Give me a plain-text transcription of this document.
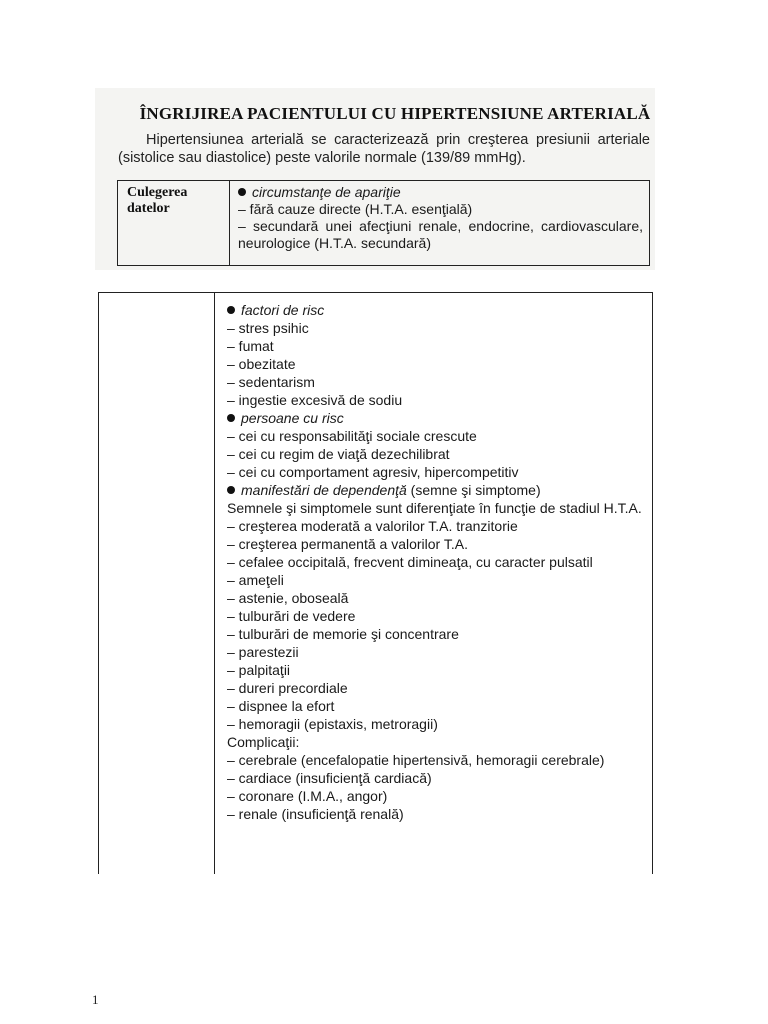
ÎNGRIJIREA PACIENTULUI CU HIPERTENSIUNE ARTERIALĂ
Hipertensiunea arterială se caracterizează prin creşterea presiunii arteriale (sistolice sau diastolice) peste valorile normale (139/89 mmHg).
Culegerea
datelor
circumstanţe de apariţie
– fără cauze directe (H.T.A. esenţială)
– secundară unei afecţiuni renale, endocrine, cardiovasculare, neurologice (H.T.A. secundară)
factori de risc
– stres psihic
– fumat
– obezitate
– sedentarism
– ingestie excesivă de sodiu
persoane cu risc
– cei cu responsabilităţi sociale crescute
– cei cu regim de viaţă dezechilibrat
– cei cu comportament agresiv, hipercompetitiv
manifestări de dependenţă (semne şi simptome)
Semnele şi simptomele sunt diferenţiate în funcţie de stadiul H.T.A.
– creşterea moderată a valorilor T.A. tranzitorie
– creşterea permanentă a valorilor T.A.
– cefalee occipitală, frecvent dimineaţa, cu caracter pulsatil
– ameţeli
– astenie, oboseală
– tulburări de vedere
– tulburări de memorie şi concentrare
– parestezii
– palpitaţii
– dureri precordiale
– dispnee la efort
– hemoragii (epistaxis, metroragii)
Complicaţii:
– cerebrale (encefalopatie hipertensivă, hemoragii cerebrale)
– cardiace (insuficienţă cardiacă)
– coronare (I.M.A., angor)
– renale (insuficienţă renală)
1
